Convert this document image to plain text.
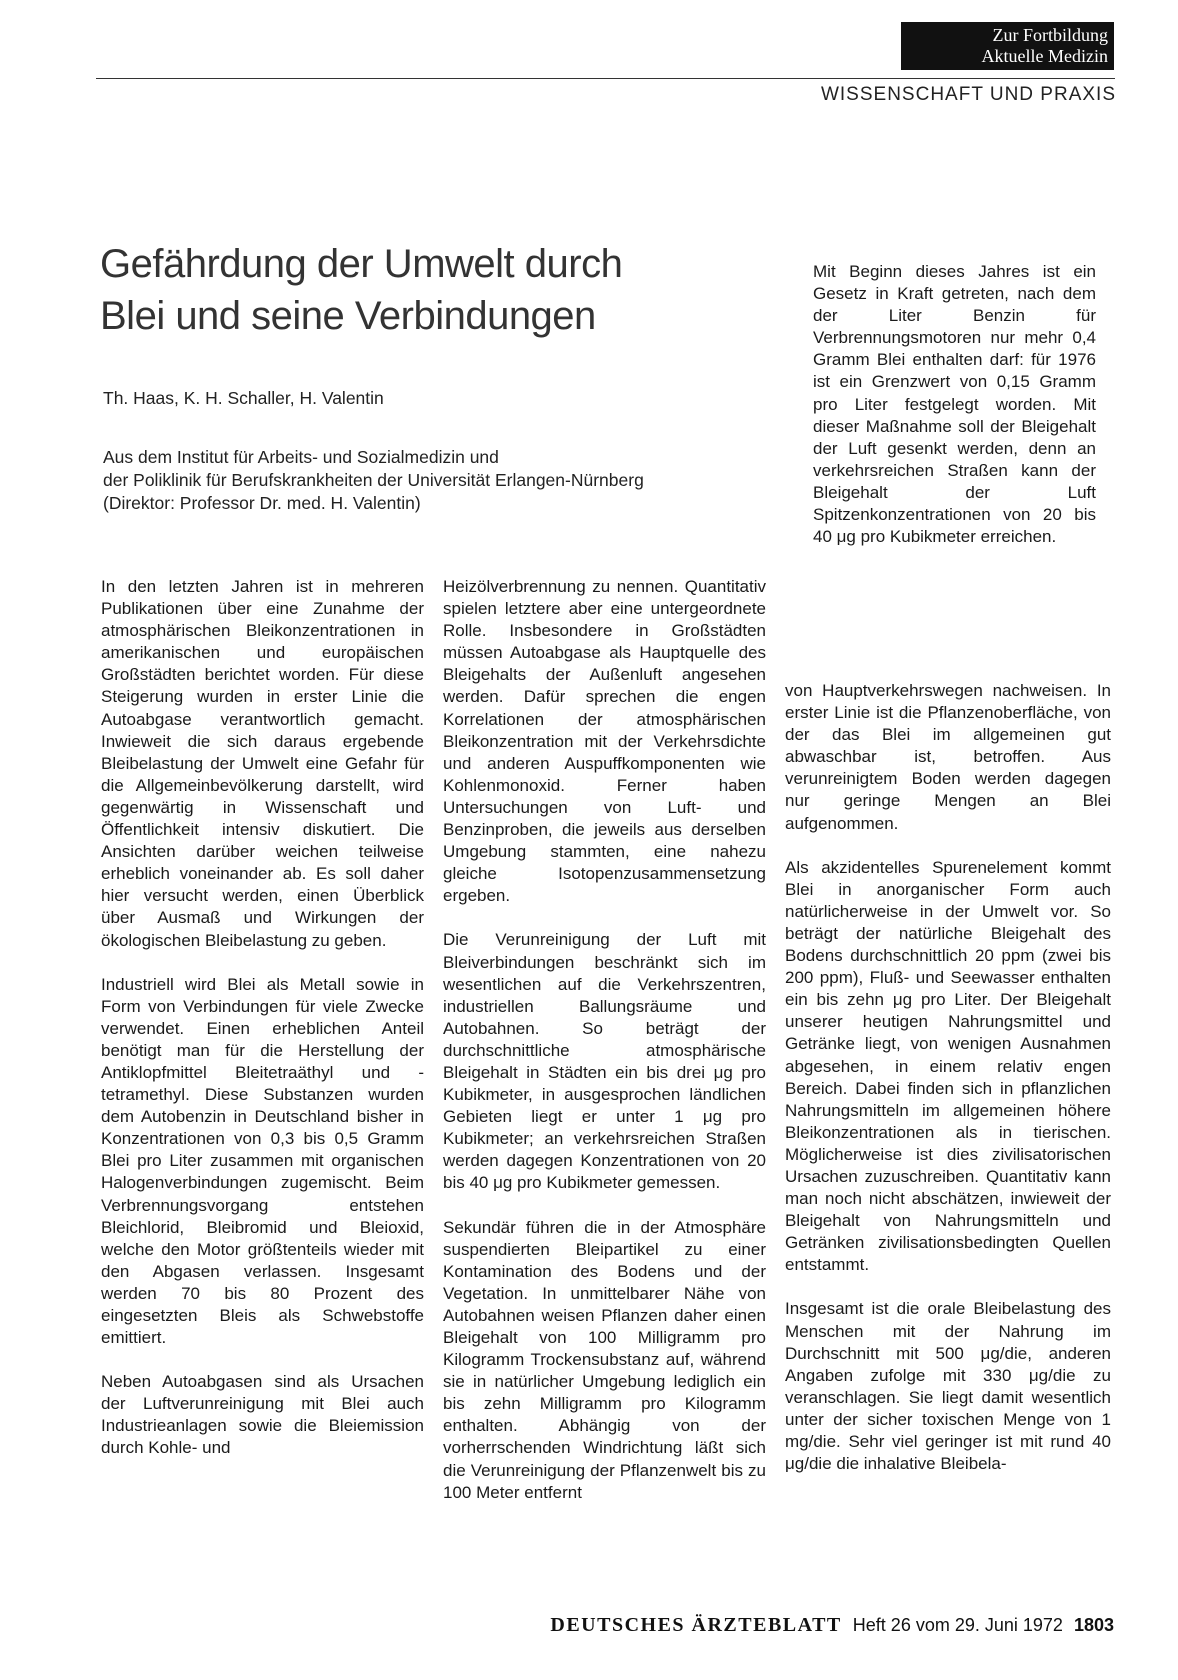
Zur Fortbildung
Aktuelle Medizin
WISSENSCHAFT UND PRAXIS
Gefährdung der Umwelt durch
Blei und seine Verbindungen
Th. Haas, K. H. Schaller, H. Valentin
Aus dem Institut für Arbeits- und Sozialmedizin und
der Poliklinik für Berufskrankheiten der Universität Erlangen-Nürnberg
(Direktor: Professor Dr. med. H. Valentin)

In den letzten Jahren ist in mehreren Publikationen über eine Zunahme der atmosphärischen Bleikonzentrationen in amerikanischen und europäischen Großstädten berichtet worden. Für diese Steigerung wurden in erster Linie die Autoabgase verantwortlich gemacht. Inwieweit die sich daraus ergebende Bleibelastung der Umwelt eine Gefahr für die Allgemeinbevölkerung darstellt, wird gegenwärtig in Wissenschaft und Öffentlichkeit intensiv diskutiert. Die Ansichten darüber weichen teilweise erheblich voneinander ab. Es soll daher hier versucht werden, einen Überblick über Ausmaß und Wirkungen der ökologischen Bleibelastung zu geben.

Industriell wird Blei als Metall sowie in Form von Verbindungen für viele Zwecke verwendet. Einen erheblichen Anteil benötigt man für die Herstellung der Antiklopfmittel Bleitetraäthyl und -tetramethyl. Diese Substanzen wurden dem Autobenzin in Deutschland bisher in Konzentrationen von 0,3 bis 0,5 Gramm Blei pro Liter zusammen mit organischen Halogenverbindungen zugemischt. Beim Verbrennungsvorgang entstehen Bleichlorid, Bleibromid und Bleioxid, welche den Motor größtenteils wieder mit den Abgasen verlassen. Insgesamt werden 70 bis 80 Prozent des eingesetzten Bleis als Schwebstoffe emittiert.

Neben Autoabgasen sind als Ursachen der Luftverunreinigung mit Blei auch Industrieanlagen sowie die Bleiemission durch Kohle- und

Heizölverbrennung zu nennen. Quantitativ spielen letztere aber eine untergeordnete Rolle. Insbesondere in Großstädten müssen Autoabgase als Hauptquelle des Bleigehalts der Außenluft angesehen werden. Dafür sprechen die engen Korrelationen der atmosphärischen Bleikonzentration mit der Verkehrsdichte und anderen Auspuffkomponenten wie Kohlenmonoxid. Ferner haben Untersuchungen von Luft- und Benzinproben, die jeweils aus derselben Umgebung stammten, eine nahezu gleiche Isotopenzusammensetzung ergeben.

Die Verunreinigung der Luft mit Bleiverbindungen beschränkt sich im wesentlichen auf die Verkehrszentren, industriellen Ballungsräume und Autobahnen. So beträgt der durchschnittliche atmosphärische Bleigehalt in Städten ein bis drei μg pro Kubikmeter, in ausgesprochen ländlichen Gebieten liegt er unter 1 μg pro Kubikmeter; an verkehrsreichen Straßen werden dagegen Konzentrationen von 20 bis 40 μg pro Kubikmeter gemessen.

Sekundär führen die in der Atmosphäre suspendierten Bleipartikel zu einer Kontamination des Bodens und der Vegetation. In unmittelbarer Nähe von Autobahnen weisen Pflanzen daher einen Bleigehalt von 100 Milligramm pro Kilogramm Trockensubstanz auf, während sie in natürlicher Umgebung lediglich ein bis zehn Milligramm pro Kilogramm enthalten. Abhängig von der vorherrschenden Windrichtung läßt sich die Verunreinigung der Pflanzenwelt bis zu 100 Meter entfernt

Mit Beginn dieses Jahres ist ein Gesetz in Kraft getreten, nach dem der Liter Benzin für Verbrennungsmotoren nur mehr 0,4 Gramm Blei enthalten darf: für 1976 ist ein Grenzwert von 0,15 Gramm pro Liter festgelegt worden. Mit dieser Maßnahme soll der Bleigehalt der Luft gesenkt werden, denn an verkehrsreichen Straßen kann der Bleigehalt der Luft Spitzenkonzentrationen von 20 bis 40 μg pro Kubikmeter erreichen.

von Hauptverkehrswegen nachweisen. In erster Linie ist die Pflanzenoberfläche, von der das Blei im allgemeinen gut abwaschbar ist, betroffen. Aus verunreinigtem Boden werden dagegen nur geringe Mengen an Blei aufgenommen.

Als akzidentelles Spurenelement kommt Blei in anorganischer Form auch natürlicherweise in der Umwelt vor. So beträgt der natürliche Bleigehalt des Bodens durchschnittlich 20 ppm (zwei bis 200 ppm), Fluß- und Seewasser enthalten ein bis zehn μg pro Liter. Der Bleigehalt unserer heutigen Nahrungsmittel und Getränke liegt, von wenigen Ausnahmen abgesehen, in einem relativ engen Bereich. Dabei finden sich in pflanzlichen Nahrungsmitteln im allgemeinen höhere Bleikonzentrationen als in tierischen. Möglicherweise ist dies zivilisatorischen Ursachen zuzuschreiben. Quantitativ kann man noch nicht abschätzen, inwieweit der Bleigehalt von Nahrungsmitteln und Getränken zivilisationsbedingten Quellen entstammt.

Insgesamt ist die orale Bleibelastung des Menschen mit der Nahrung im Durchschnitt mit 500 μg/die, anderen Angaben zufolge mit 330 μg/die zu veranschlagen. Sie liegt damit wesentlich unter der sicher toxischen Menge von 1 mg/die. Sehr viel geringer ist mit rund 40 μg/die die inhalative Bleibela-

DEUTSCHES ÄRZTEBLATT Heft 26 vom 29. Juni 1972 1803
